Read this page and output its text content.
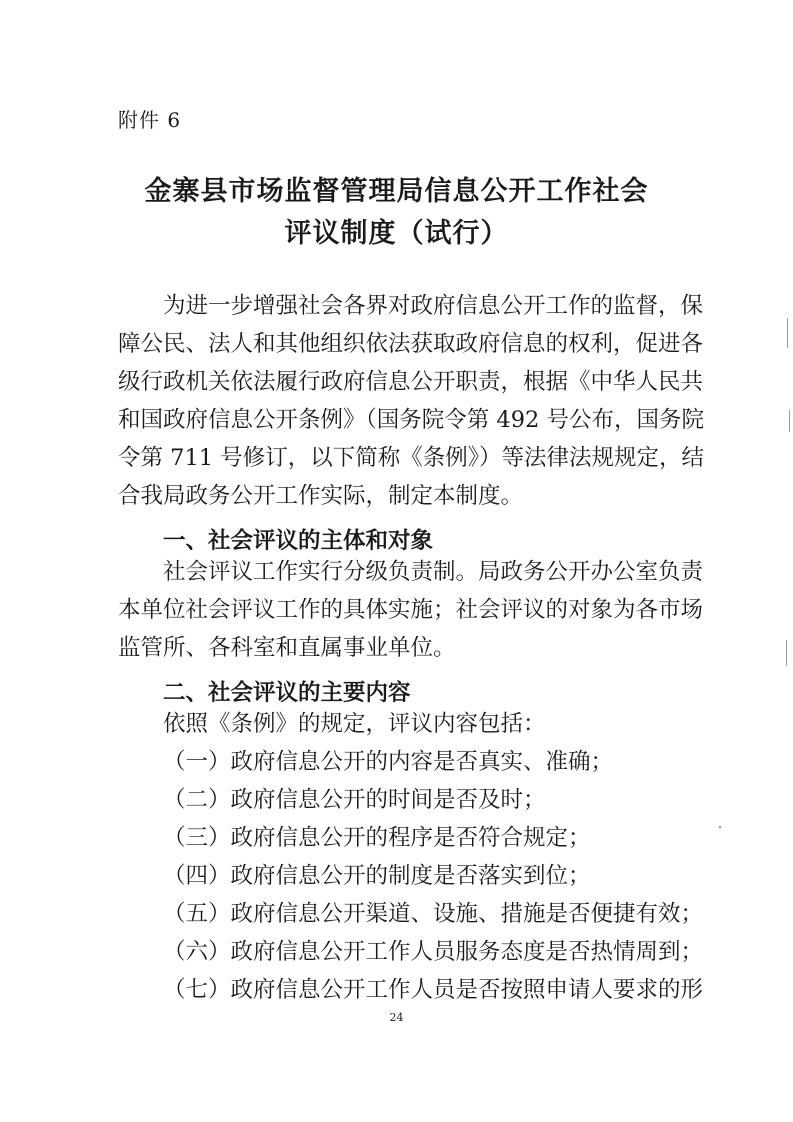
附件 6
金寨县市场监督管理局信息公开工作社会
评议制度（试行）
为进一步增强社会各界对政府信息公开工作的监督，保
障公民、法人和其他组织依法获取政府信息的权利，促进各
级行政机关依法履行政府信息公开职责，根据《中华人民共
和国政府信息公开条例》（国务院令第 492 号公布，国务院
令第 711 号修订，以下简称《条例》）等法律法规规定，结
合我局政务公开工作实际，制定本制度。
一、社会评议的主体和对象
社会评议工作实行分级负责制。局政务公开办公室负责
本单位社会评议工作的具体实施；社会评议的对象为各市场
监管所、各科室和直属事业单位。
二、社会评议的主要内容
依照《条例》的规定，评议内容包括：
（一）政府信息公开的内容是否真实、准确；
（二）政府信息公开的时间是否及时；
（三）政府信息公开的程序是否符合规定；
（四）政府信息公开的制度是否落实到位；
（五）政府信息公开渠道、设施、措施是否便捷有效；
（六）政府信息公开工作人员服务态度是否热情周到；
（七）政府信息公开工作人员是否按照申请人要求的形
24
